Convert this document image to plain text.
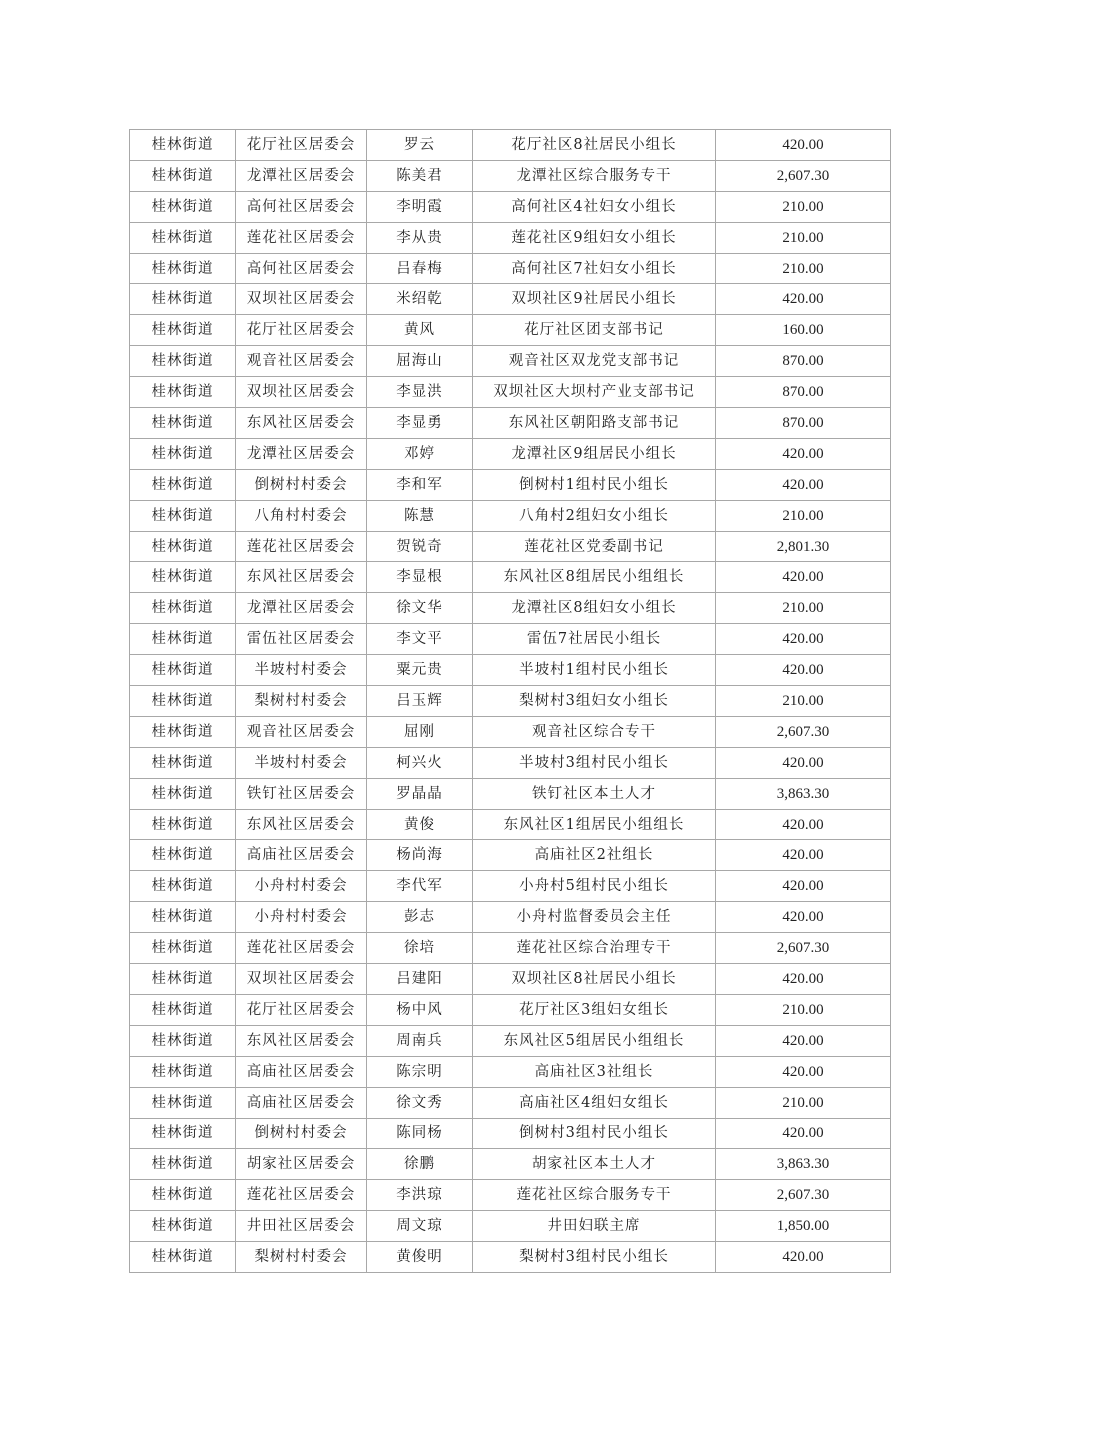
桂林街道	花厅社区居委会	罗云	花厅社区8社居民小组长	420.00
桂林街道	龙潭社区居委会	陈美君	龙潭社区综合服务专干	2,607.30
桂林街道	高何社区居委会	李明霞	高何社区4社妇女小组长	210.00
桂林街道	莲花社区居委会	李从贵	莲花社区9组妇女小组长	210.00
桂林街道	高何社区居委会	吕春梅	高何社区7社妇女小组长	210.00
桂林街道	双坝社区居委会	米绍乾	双坝社区9社居民小组长	420.00
桂林街道	花厅社区居委会	黄风	花厅社区团支部书记	160.00
桂林街道	观音社区居委会	屈海山	观音社区双龙党支部书记	870.00
桂林街道	双坝社区居委会	李显洪	双坝社区大坝村产业支部书记	870.00
桂林街道	东风社区居委会	李显勇	东风社区朝阳路支部书记	870.00
桂林街道	龙潭社区居委会	邓婷	龙潭社区9组居民小组长	420.00
桂林街道	倒树村村委会	李和军	倒树村1组村民小组长	420.00
桂林街道	八角村村委会	陈慧	八角村2组妇女小组长	210.00
桂林街道	莲花社区居委会	贺锐奇	莲花社区党委副书记	2,801.30
桂林街道	东风社区居委会	李显根	东风社区8组居民小组组长	420.00
桂林街道	龙潭社区居委会	徐文华	龙潭社区8组妇女小组长	210.00
桂林街道	雷伍社区居委会	李文平	雷伍7社居民小组长	420.00
桂林街道	半坡村村委会	粟元贵	半坡村1组村民小组长	420.00
桂林街道	梨树村村委会	吕玉辉	梨树村3组妇女小组长	210.00
桂林街道	观音社区居委会	屈刚	观音社区综合专干	2,607.30
桂林街道	半坡村村委会	柯兴火	半坡村3组村民小组长	420.00
桂林街道	铁钉社区居委会	罗晶晶	铁钉社区本土人才	3,863.30
桂林街道	东风社区居委会	黄俊	东风社区1组居民小组组长	420.00
桂林街道	高庙社区居委会	杨尚海	高庙社区2社组长	420.00
桂林街道	小舟村村委会	李代军	小舟村5组村民小组长	420.00
桂林街道	小舟村村委会	彭志	小舟村监督委员会主任	420.00
桂林街道	莲花社区居委会	徐培	莲花社区综合治理专干	2,607.30
桂林街道	双坝社区居委会	吕建阳	双坝社区8社居民小组长	420.00
桂林街道	花厅社区居委会	杨中风	花厅社区3组妇女组长	210.00
桂林街道	东风社区居委会	周南兵	东风社区5组居民小组组长	420.00
桂林街道	高庙社区居委会	陈宗明	高庙社区3社组长	420.00
桂林街道	高庙社区居委会	徐文秀	高庙社区4组妇女组长	210.00
桂林街道	倒树村村委会	陈同杨	倒树村3组村民小组长	420.00
桂林街道	胡家社区居委会	徐鹏	胡家社区本土人才	3,863.30
桂林街道	莲花社区居委会	李洪琼	莲花社区综合服务专干	2,607.30
桂林街道	井田社区居委会	周文琼	井田妇联主席	1,850.00
桂林街道	梨树村村委会	黄俊明	梨树村3组村民小组长	420.00
